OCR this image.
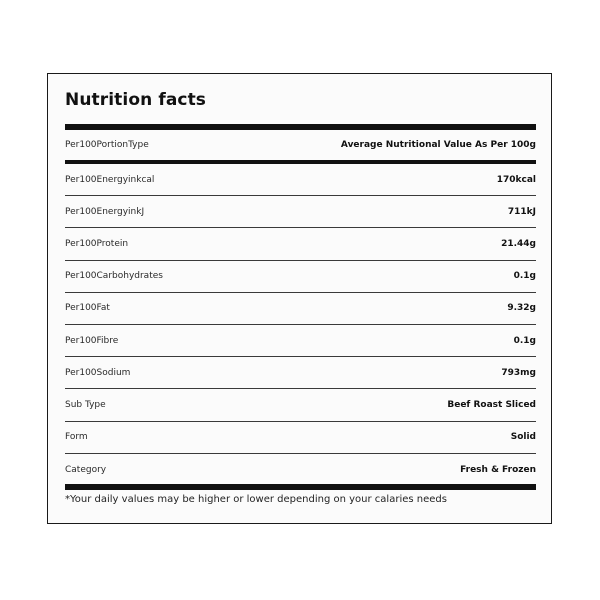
Nutrition facts
Per100PortionType	Average Nutritional Value As Per 100g
Per100Energyinkcal	170kcal
Per100EnergyinkJ	711kJ
Per100Protein	21.44g
Per100Carbohydrates	0.1g
Per100Fat	9.32g
Per100Fibre	0.1g
Per100Sodium	793mg
Sub Type	Beef Roast Sliced
Form	Solid
Category	Fresh & Frozen

*Your daily values may be higher or lower depending on your calaries needs
